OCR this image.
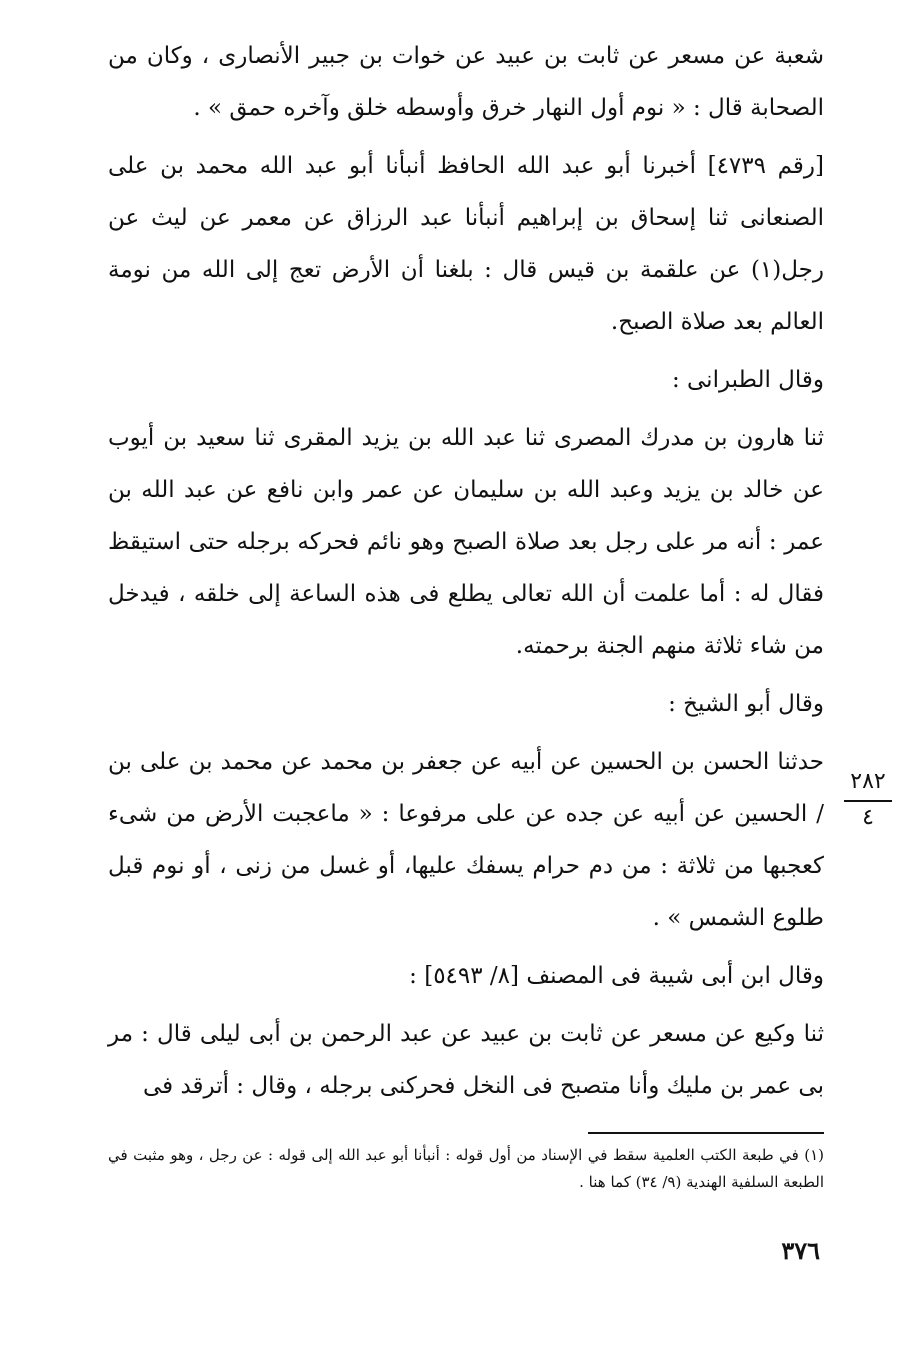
شعبة عن مسعر عن ثابت بن عبيد عن خوات بن جبير الأنصارى ، وكان من الصحابة قال : « نوم أول النهار خرق وأوسطه خلق وآخره حمق » .

[رقم ٤٧٣٩] أخبرنا أبو عبد الله الحافظ أنبأنا أبو عبد الله محمد بن على الصنعانى ثنا إسحاق بن إبراهيم أنبأنا عبد الرزاق عن معمر عن ليث عن رجل(١) عن علقمة بن قيس قال : بلغنا أن الأرض تعج إلى الله من نومة العالم بعد صلاة الصبح.

وقال الطبرانى :

ثنا هارون بن مدرك المصرى ثنا عبد الله بن يزيد المقرى ثنا سعيد بن أيوب عن خالد بن يزيد وعبد الله بن سليمان عن عمر وابن نافع عن عبد الله بن عمر : أنه مر على رجل بعد صلاة الصبح وهو نائم فحركه برجله حتى استيقظ فقال له : أما علمت أن الله تعالى يطلع فى هذه الساعة إلى خلقه ، فيدخل من شاء ثلاثة منهم الجنة برحمته.

وقال أبو الشيخ :

حدثنا الحسن بن الحسين عن أبيه عن جعفر بن محمد عن محمد بن على بن / الحسين عن أبيه عن جده عن على مرفوعا : « ماعجبت الأرض من شىء كعجبها من ثلاثة : من دم حرام يسفك عليها، أو غسل من زنى ، أو نوم قبل طلوع الشمس » .

وقال ابن أبى شيبة فى المصنف [٨/ ٥٤٩٣] :

ثنا وكيع عن مسعر عن ثابت بن عبيد عن عبد الرحمن بن أبى ليلى قال : مر بى عمر بن مليك وأنا متصبح فى النخل فحركنى برجله ، وقال : أترقد فى

٢٨٢
٤

(١) في طبعة الكتب العلمية سقط في الإسناد من أول قوله : أنبأنا أبو عبد الله إلى قوله : عن رجل ، وهو مثبت في الطبعة السلفية الهندية (٩/ ٣٤) كما هنا .

٣٧٦
